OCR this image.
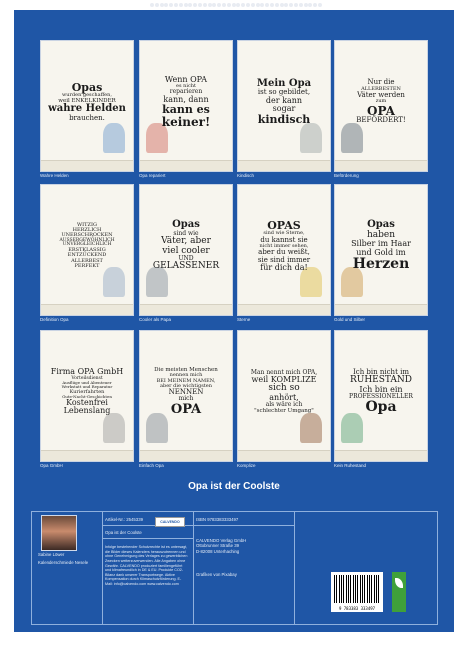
Opas
wurden geschaffen,
weil ENKELKINDER
wahre Helden
brauchen.
Wahre Helden
Wenn OPA
es nicht
reparieren
kann, dann
kann es
keiner!
Opa repariert
Mein Opa
ist so gebildet,
der kann
sogar
kindisch
Kindisch
Nur die
ALLERBESTEN
Väter werden
zum
OPA
BEFÖRDERT!
Beförderung
WITZIG
HERZLICH
UNERSCHROCKEN
AUSSERGEWÖHNLICH
UNVERGLEICHLICH
ERSTKLASSIG
ENTZÜCKEND
ALLERBEST
PERFEKT
Definition Opa
Opas
sind wie
Väter, aber
viel cooler
UND
GELASSENER
Cooler als Papa
OPAS
sind wie Sterne,
du kannst sie
nicht immer sehen,
aber du weißt,
sie sind immer
für dich da!
Sterne
Opas
haben
Silber im Haar
und Gold im
Herzen
Gold und Silber
Firma OPA GmbH
Vorteilsdienst
Ausflüge und Abenteuer
Werkstatt und Reparatur
Kurierfahrten
Gute-Nacht-Geschichten
Kostenfrei
Lebenslang
Opa GmbH
Die meisten Menschen
nennen mich
BEI MEINEM NAMEN,
aber die wichtigsten
NENNEN
mich
OPA
Einfach Opa
Man nennt mich OPA,
weil KOMPLIZE
sich so
anhört,
als wäre ich
"schlechter Umgang"
Komplize
Ich bin nicht im
RUHESTAND
Ich bin ein
PROFESSIONELLER
Opa
Kein Ruhestand
Opa ist der Coolste
Sabine Löwer
Kalenderschmiede Nesele
Artikel-Nr.: 2545339	CALVENDO
Opa ist der Coolste
Infolge bestehender Schutzrechte ist es untersagt, die Bilder dieses Kalenders herauszutrennen und ohne Genehmigung des Verlages zu gewerblichen Zwecken weiterzuverwenden. Alle Angaben ohne Gewähr. CALVENDO produziert familiengeführt und klimafreundlich in DE & EU. Produkte CO2-Bilanz dank unserer Transportwege. Aktive Kompensation durch Klimaschutzförderung. E-Mail: info@calvendo.com www.calvendo.com
ISBN 9783383333497
CALVENDO Verlag GmbH
Ottobrunner Straße 39
D-82008 Unterhaching
Grafiken von Pixabay
9 783383 333497
